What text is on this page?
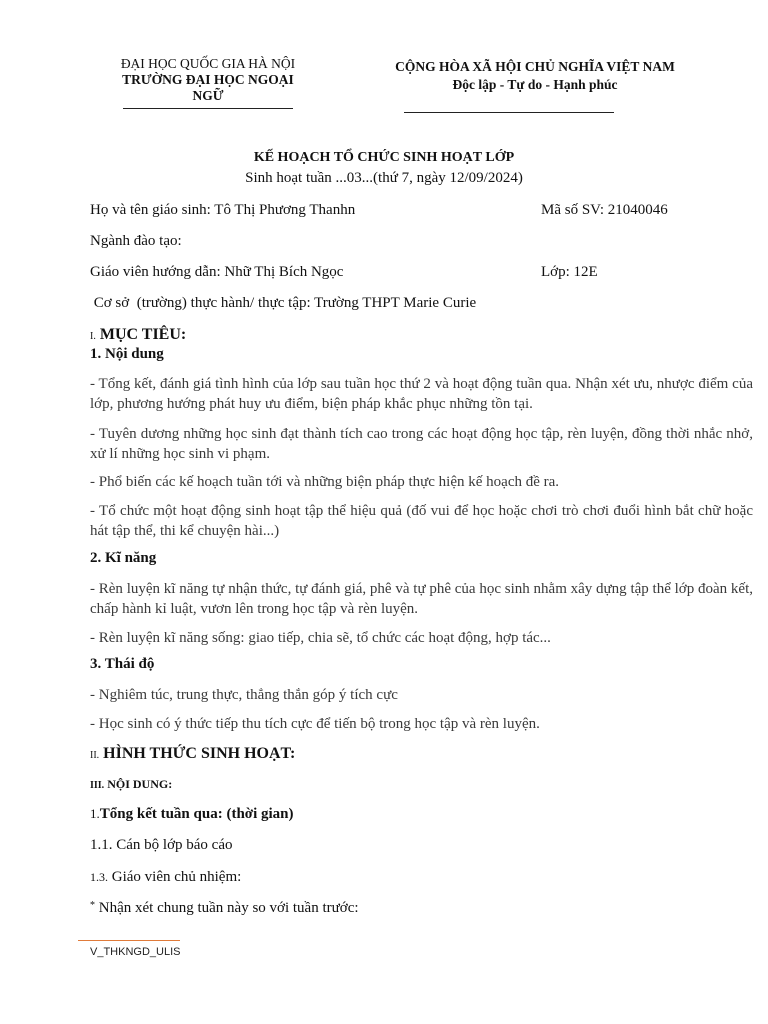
ĐẠI HỌC QUỐC GIA HÀ NỘI
TRƯỜNG ĐẠI HỌC NGOẠI
NGỮ
CỘNG HÒA XÃ HỘI CHỦ NGHĨA VIỆT NAM
Độc lập - Tự do - Hạnh phúc
KẾ HOẠCH TỔ CHỨC SINH HOẠT LỚP
Sinh hoạt tuần ...03...(thứ 7, ngày 12/09/2024)
Họ và tên giáo sinh: Tô Thị Phương Thanhn	Mã số SV: 21040046
Ngành đào tạo:
Giáo viên hướng dẫn: Nhữ Thị Bích Ngọc	Lớp: 12E
Cơ sở  (trường) thực hành/ thực tập: Trường THPT Marie Curie
I. MỤC TIÊU:
1. Nội dung
- Tổng kết, đánh giá tình hình của lớp sau tuần học thứ 2 và hoạt động tuần qua. Nhận xét ưu, nhược điểm của lớp, phương hướng phát huy ưu điểm, biện pháp khắc phục những tồn tại.
- Tuyên dương những học sinh đạt thành tích cao trong các hoạt động học tập, rèn luyện, đồng thời nhắc nhở, xử lí những học sinh vi phạm.
- Phổ biến các kế hoạch tuần tới và những biện pháp thực hiện kế hoạch đề ra.
- Tổ chức một hoạt động sinh hoạt tập thể hiệu quả (đố vui để học hoặc chơi trò chơi đuổi hình bắt chữ hoặc hát tập thể, thi kể chuyện hài...)
2. Kĩ năng
- Rèn luyện kĩ năng tự nhận thức, tự đánh giá, phê và tự phê của học sinh nhằm xây dựng tập thể lớp đoàn kết, chấp hành kỉ luật, vươn lên trong học tập và rèn luyện.
- Rèn luyện kĩ năng sống: giao tiếp, chia sẽ, tổ chức các hoạt động, hợp tác...
3. Thái độ
- Nghiêm túc, trung thực, thẳng thắn góp ý tích cực
- Học sinh có ý thức tiếp thu tích cực để tiến bộ trong học tập và rèn luyện.
II. HÌNH THỨC SINH HOẠT:
III. NỘI DUNG:
1.Tổng kết tuần qua: (thời gian)
1.1. Cán bộ lớp báo cáo
1.3. Giáo viên chủ nhiệm:
* Nhận xét chung tuần này so với tuần trước:
V_THKNGD_ULIS
